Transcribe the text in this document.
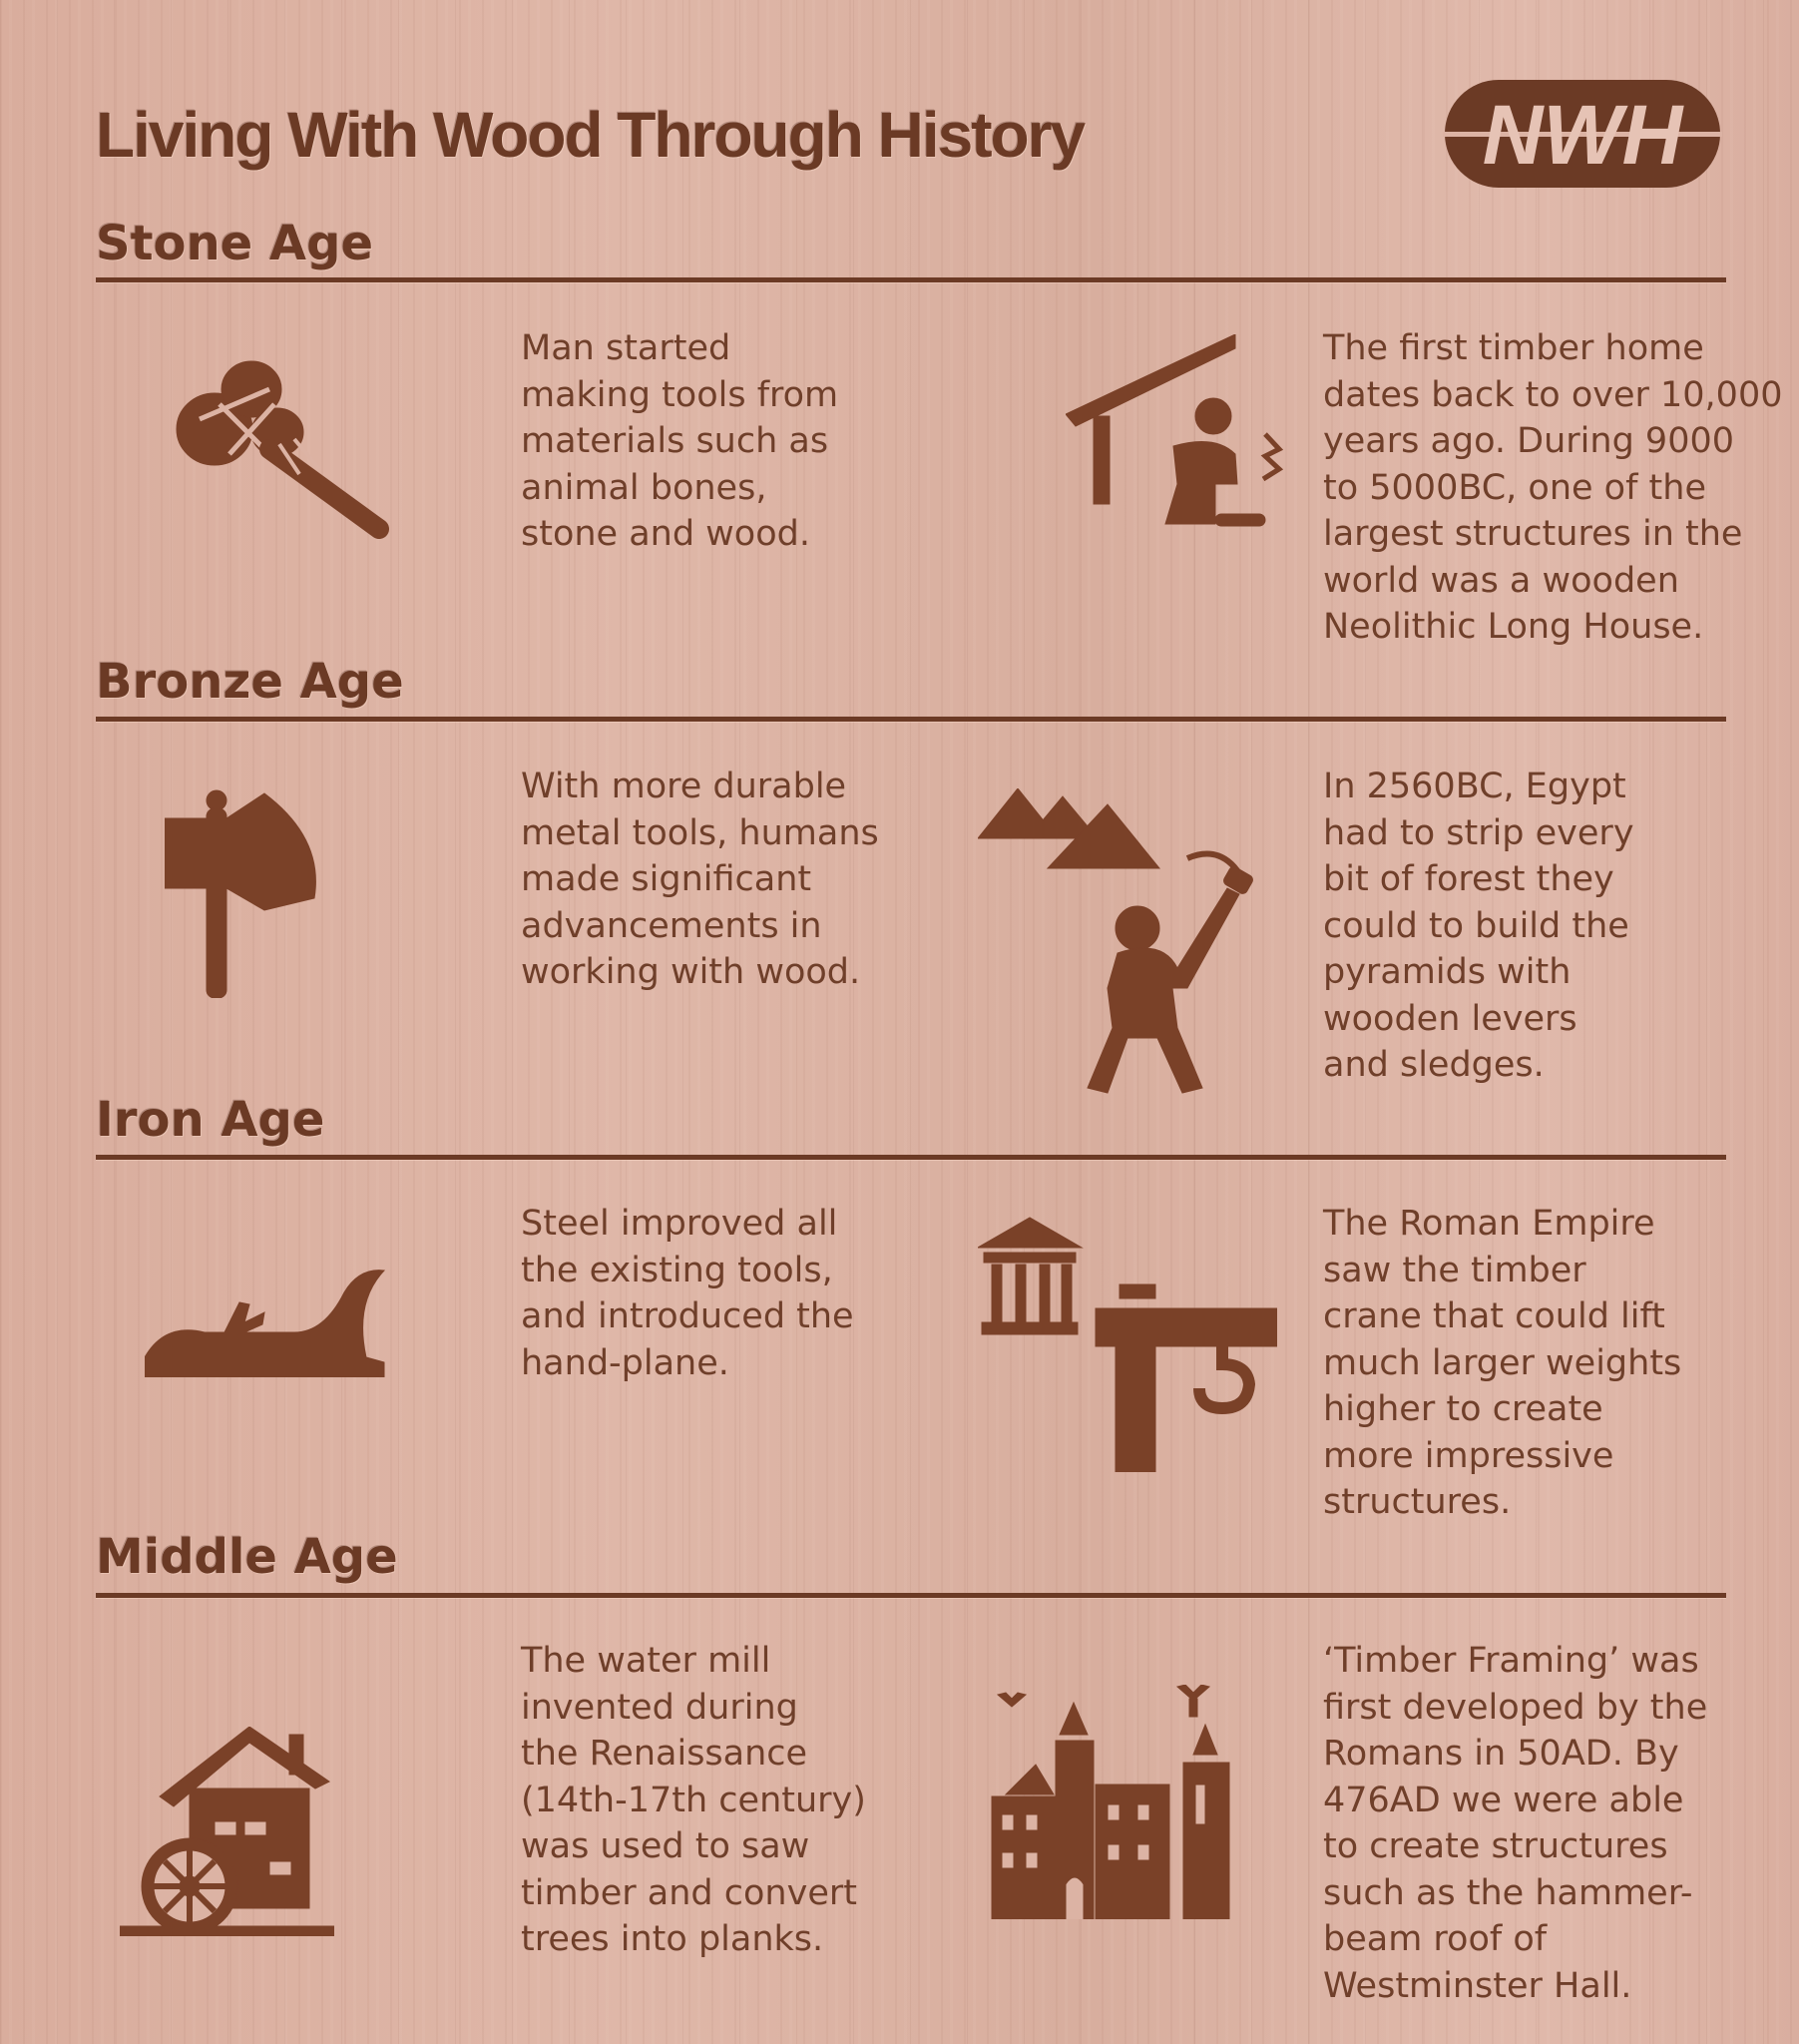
Living With Wood Through History	NWH
Stone Age

Man started
making tools from
materials such as
animal bones,
stone and wood.

The first timber home
dates back to over 10,000
years ago. During 9000
to 5000BC, one of the
largest structures in the
world was a wooden
Neolithic Long House.

Bronze Age

With more durable
metal tools, humans
made significant
advancements in
working with wood.

In 2560BC, Egypt
had to strip every
bit of forest they
could to build the
pyramids with
wooden levers
and sledges.

Iron Age

Steel improved all
the existing tools,
and introduced the
hand-plane.

The Roman Empire
saw the timber
crane that could lift
much larger weights
higher to create
more impressive
structures.

Middle Age

The water mill
invented during
the Renaissance
(14th-17th century)
was used to saw
timber and convert
trees into planks.

‘Timber Framing’ was
first developed by the
Romans in 50AD. By
476AD we were able
to create structures
such as the hammer-
beam roof of
Westminster Hall.
